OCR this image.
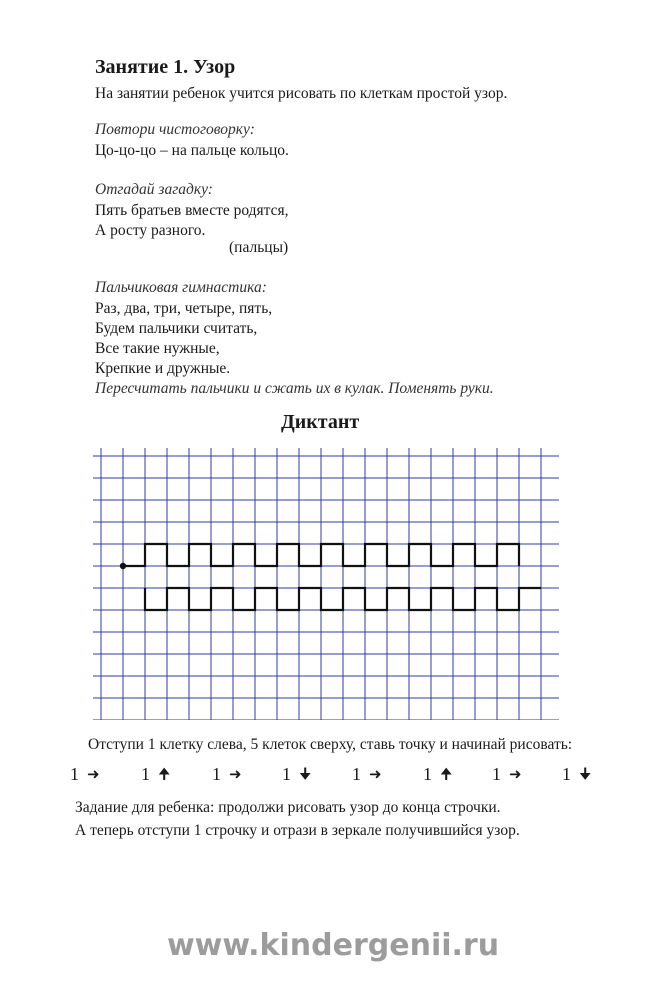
Занятие 1. Узор
На занятии ребенок учится рисовать по клеткам простой узор.
Повтори чистоговорку:
Цо-цо-цо – на пальце кольцо.
Отгадай загадку:
Пять братьев вместе родятся,
А росту разного.
(пальцы)
Пальчиковая гимнастика:
Раз, два, три, четыре, пять,
Будем пальчики считать,
Все такие нужные,
Крепкие и дружные.
Пересчитать пальчики и сжать их в кулак. Поменять руки.
Диктант
Отступи 1 клетку слева, 5 клеток сверху, ставь точку и начинай рисовать:
1 ➜ 1 🠉 1 ➜ 1 🠋 1 ➜ 1 🠉 1 ➜ 1 🠋
Задание для ребенка: продолжи рисовать узор до конца строчки.
А теперь отступи 1 строчку и отрази в зеркале получившийся узор.
www.kindergenii.ru
